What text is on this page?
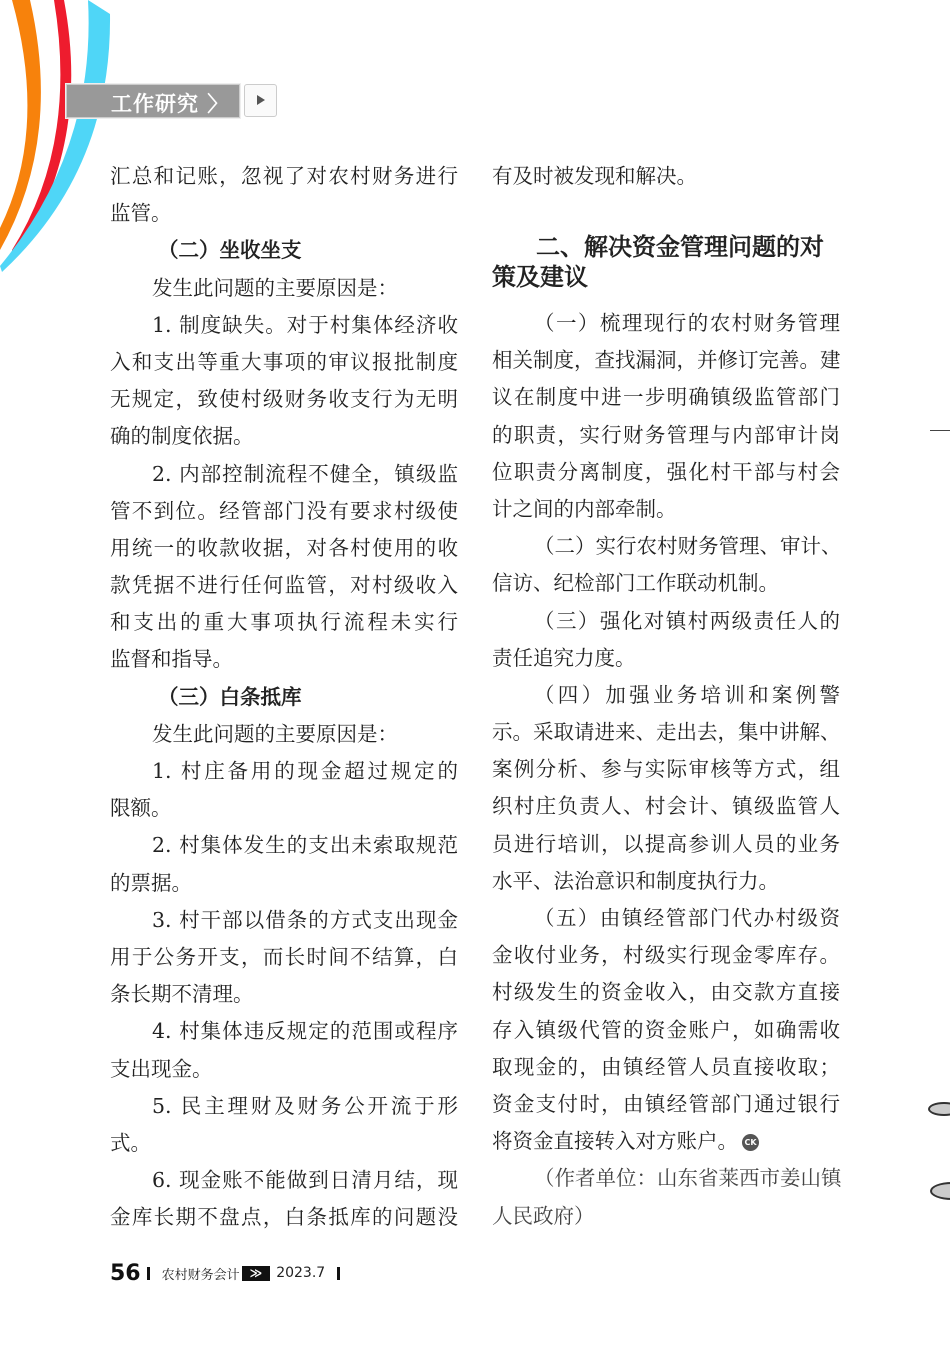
工作研究 〉
汇总和记账，忽视了对农村财务进行
监管。
（二）坐收坐支
发生此问题的主要原因是：
1. 制度缺失。对于村集体经济收
入和支出等重大事项的审议报批制度
无规定，致使村级财务收支行为无明
确的制度依据。
2. 内部控制流程不健全，镇级监
管不到位。经管部门没有要求村级使
用统一的收款收据，对各村使用的收
款凭据不进行任何监管，对村级收入
和支出的重大事项执行流程未实行
监督和指导。
（三）白条抵库
发生此问题的主要原因是：
1. 村庄备用的现金超过规定的
限额。
2. 村集体发生的支出未索取规范
的票据。
3. 村干部以借条的方式支出现金
用于公务开支，而长时间不结算，白
条长期不清理。
4. 村集体违反规定的范围或程序
支出现金。
5. 民主理财及财务公开流于形
式。
6. 现金账不能做到日清月结，现
金库长期不盘点，白条抵库的问题没
有及时被发现和解决。
二、解决资金管理问题的对
策及建议
（一）梳理现行的农村财务管理
相关制度，查找漏洞，并修订完善。建
议在制度中进一步明确镇级监管部门
的职责，实行财务管理与内部审计岗
位职责分离制度，强化村干部与村会
计之间的内部牵制。
（二）实行农村财务管理、审计、
信访、纪检部门工作联动机制。
（三）强化对镇村两级责任人的
责任追究力度。
（四）加强业务培训和案例警
示。采取请进来、走出去，集中讲解、
案例分析、参与实际审核等方式，组
织村庄负责人、村会计、镇级监管人
员进行培训，以提高参训人员的业务
水平、法治意识和制度执行力。
（五）由镇经管部门代办村级资
金收付业务，村级实行现金零库存。
村级发生的资金收入，由交款方直接
存入镇级代管的资金账户，如确需收
取现金的，由镇经管人员直接收取；
资金支付时，由镇经管部门通过银行
将资金直接转入对方账户。 CK
（作者单位：山东省莱西市姜山镇
人民政府）
56 农村财务会计 ≫	2023.7
